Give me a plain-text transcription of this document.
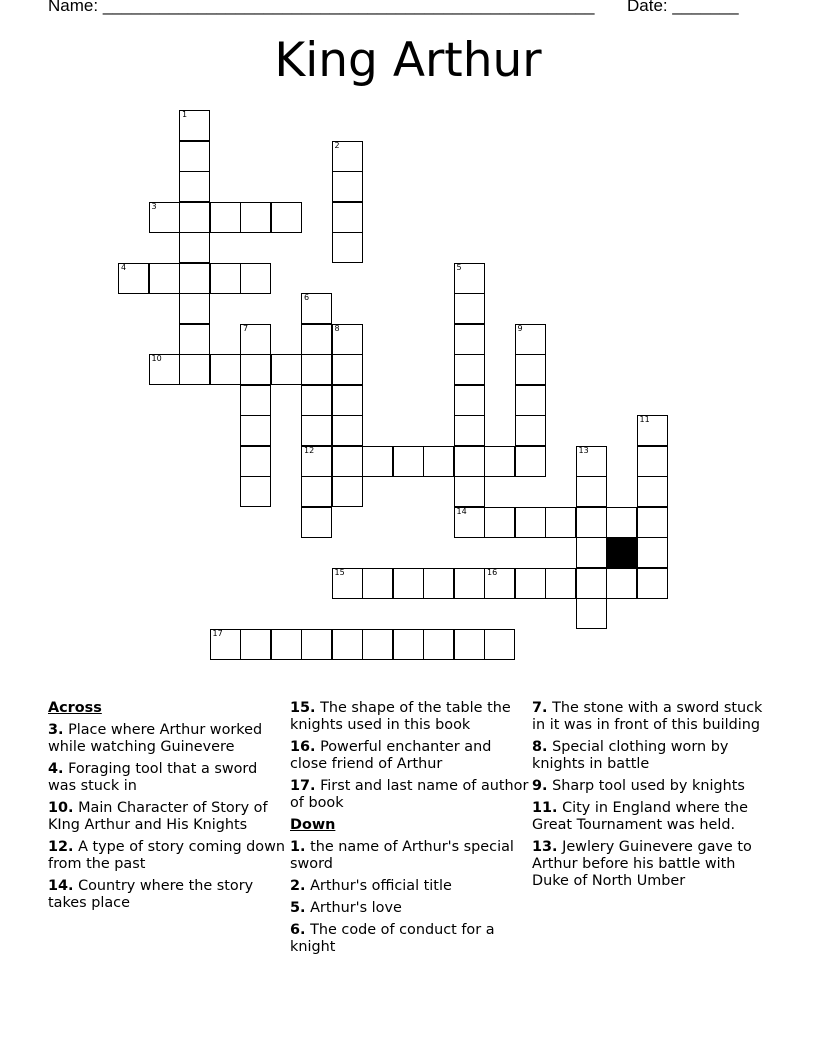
Name: ____________________________________________________ Date: _______
King Arthur
1
2
3
4	5
6
7	8	9
10
11
12	13
14
15	16
17
Across
3. Place where Arthur worked while watching Guinevere
4. Foraging tool that a sword was stuck in
10. Main Character of Story of KIng Arthur and His Knights
12. A type of story coming down from the past
14. Country where the story takes place
15. The shape of the table the knights used in this book
16. Powerful enchanter and close friend of Arthur
17. First and last name of author of book
Down
1. the name of Arthur's special sword
2. Arthur's official title
5. Arthur's love
6. The code of conduct for a knight
7. The stone with a sword stuck in it was in front of this building
8. Special clothing worn by knights in battle
9. Sharp tool used by knights
11. City in England where the Great Tournament was held.
13. Jewlery Guinevere gave to Arthur before his battle with Duke of North Umber
